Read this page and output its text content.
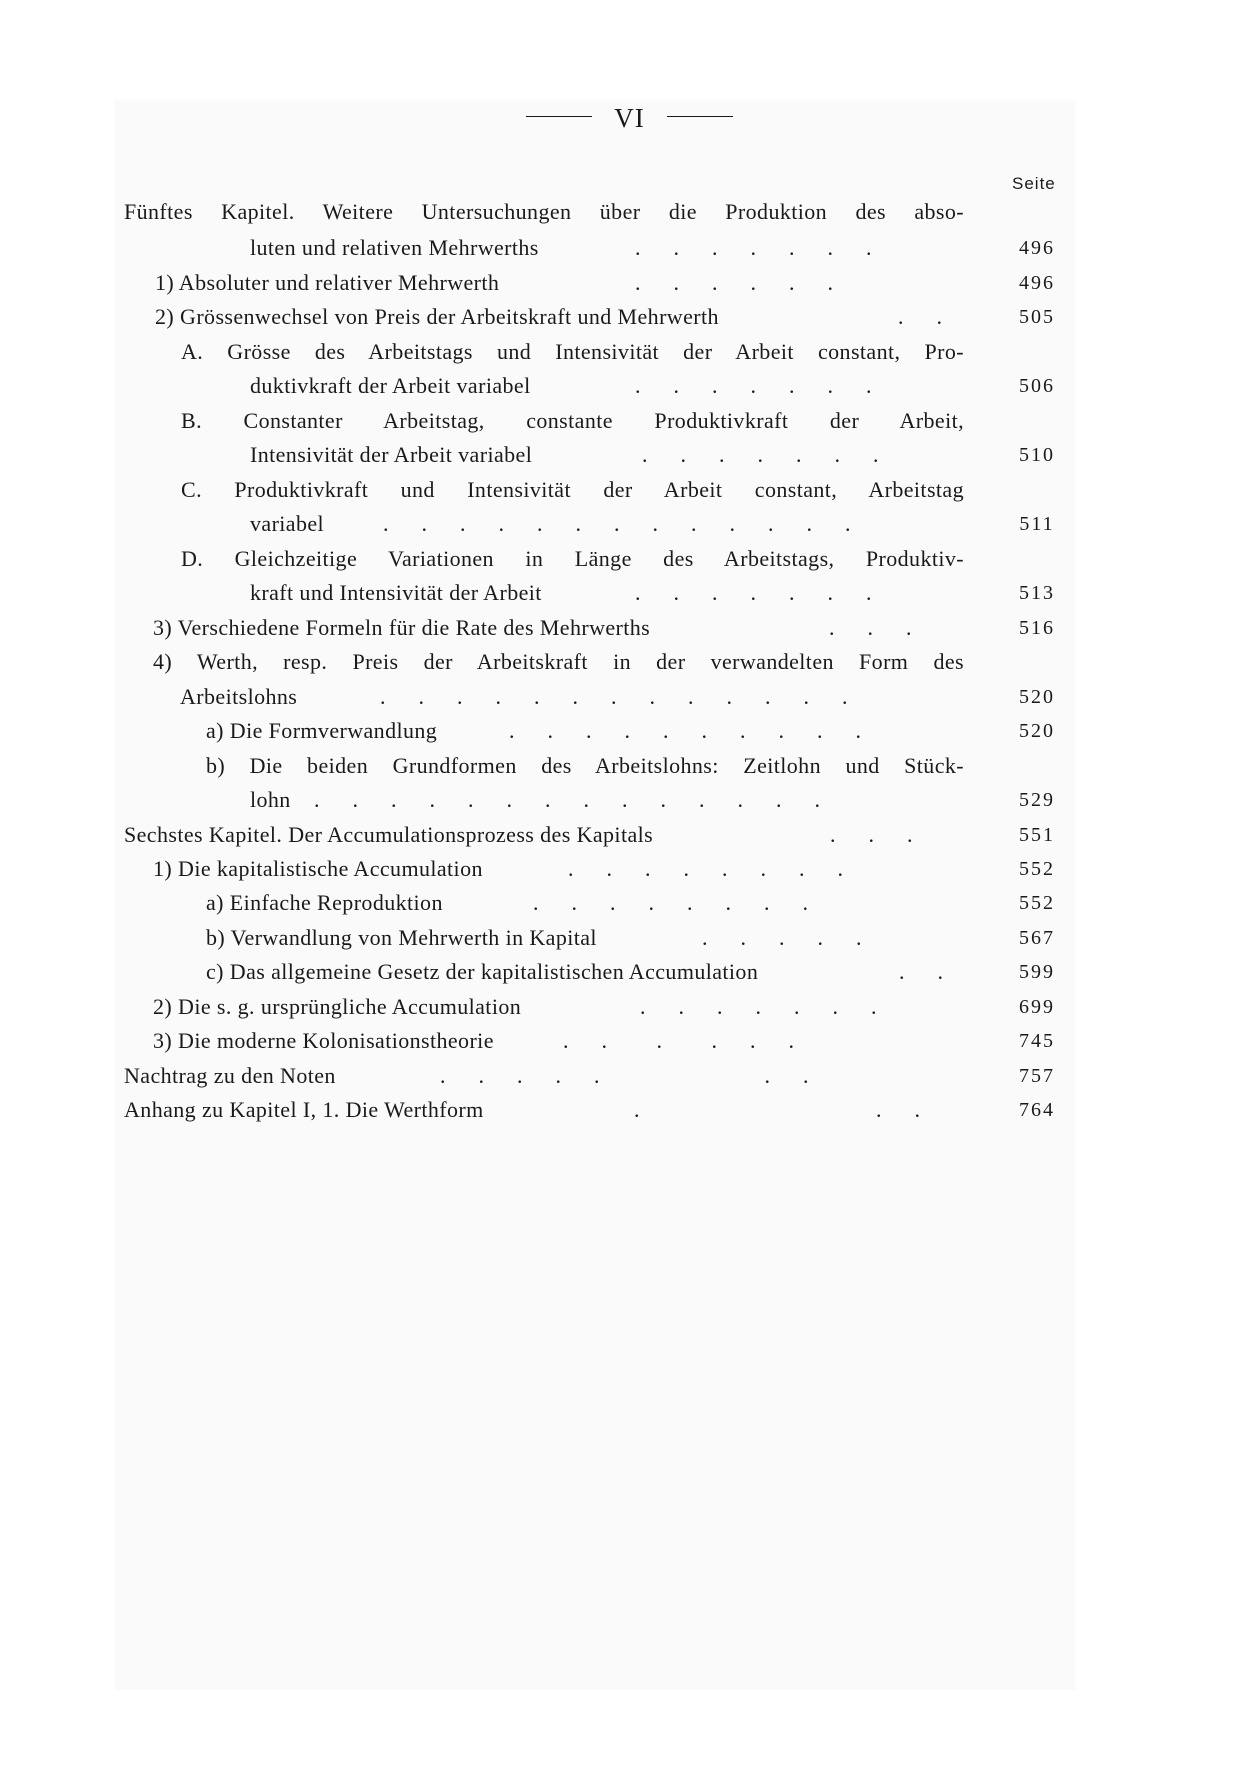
VI
Seite
Fünftes Kapitel. Weitere Untersuchungen über die Produktion des abso-
luten und relativen Mehrwerths	.      .      .      .      .      .      .	496
1) Absoluter und relativer Mehrwerth	.      .      .      .      .      .	496
2) Grössenwechsel von Preis der Arbeitskraft und Mehrwerth	.      .	505
A. Grösse des Arbeitstags und Intensivität der Arbeit constant, Pro-
duktivkraft der Arbeit variabel	.      .      .      .      .      .      .	506
B. Constanter Arbeitstag, constante Produktivkraft der Arbeit,
Intensivität der Arbeit variabel	.      .      .      .      .      .      .	510
C. Produktivkraft und Intensivität der Arbeit constant, Arbeitstag
variabel	.      .      .      .      .      .      .      .      .      .      .      .      .	511
D. Gleichzeitige Variationen in Länge des Arbeitstags, Produktiv-
kraft und Intensivität der Arbeit	.      .      .      .      .      .      .	513
3) Verschiedene Formeln für die Rate des Mehrwerths	.      .      .	516
4) Werth, resp. Preis der Arbeitskraft in der verwandelten Form des
Arbeitslohns	.      .      .      .      .      .      .      .      .      .      .      .      .	520
a) Die Formverwandlung	.      .      .      .      .      .      .      .      .      .	520
b) Die beiden Grundformen des Arbeitslohns: Zeitlohn und Stück-
lohn .      .      .      .      .      .      .      .      .      .      .      .      .      .	529
Sechstes Kapitel. Der Accumulationsprozess des Kapitals	.      .      .	551
1) Die kapitalistische Accumulation	.      .      .      .      .      .      .      .	552
a) Einfache Reproduktion	.      .      .      .      .      .      .      .	552
b) Verwandlung von Mehrwerth in Kapital	.      .      .      .      .	567
c) Das allgemeine Gesetz der kapitalistischen Accumulation	.      .	599
2) Die s. g. ursprüngliche Accumulation	.      .      .      .      .      .      .	699
3) Die moderne Kolonisationstheorie	.      .         .         .      .      .	745
Nachtrag zu den Noten	.      .      .      .      .                              .      .	757
Anhang zu Kapitel I, 1. Die Werthform	.                                           .      .	764
